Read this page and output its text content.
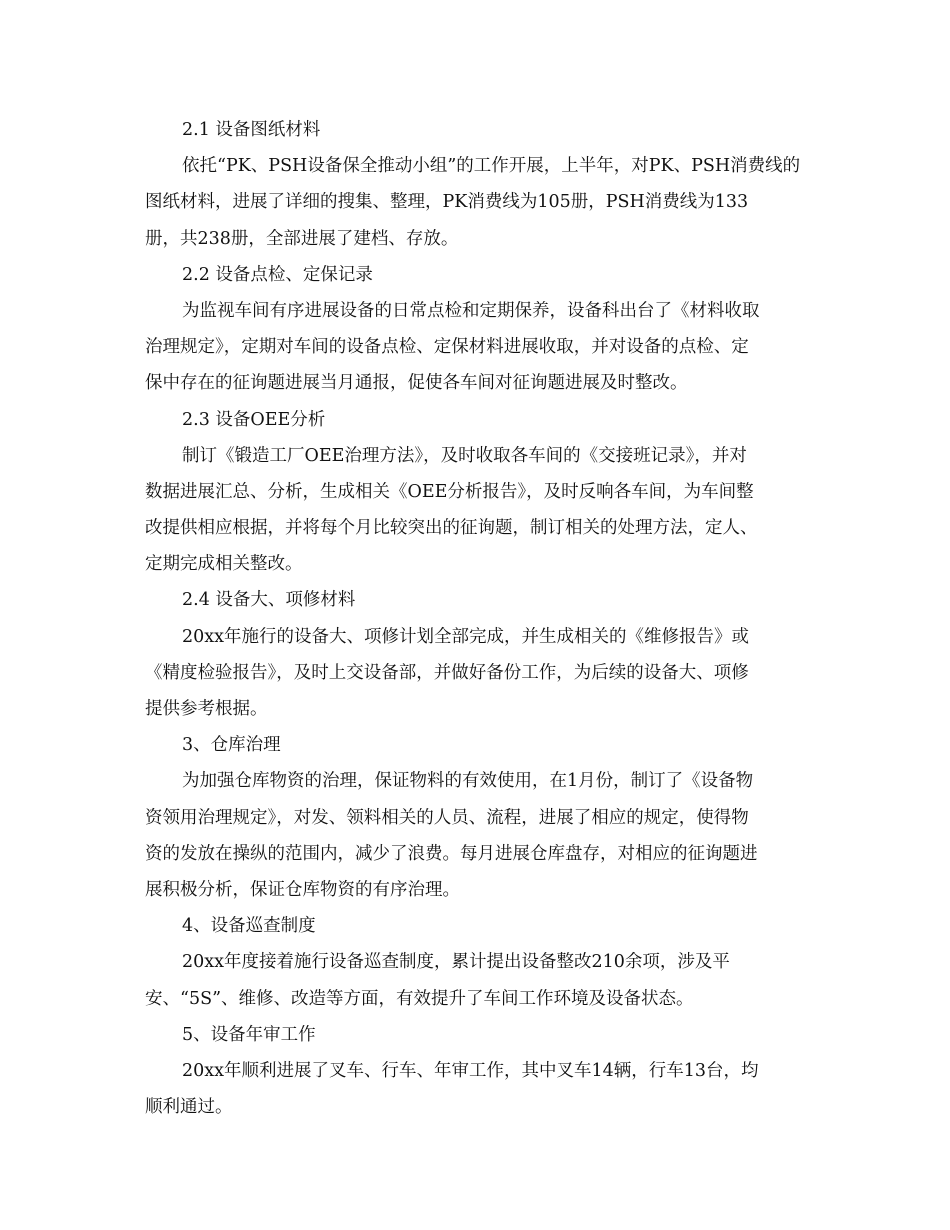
2.1 设备图纸材料
依托“PK、PSH设备保全推动小组”的工作开展，上半年，对PK、PSH消费线的
图纸材料，进展了详细的搜集、整理，PK消费线为105册，PSH消费线为133
册，共238册，全部进展了建档、存放。
2.2 设备点检、定保记录
为监视车间有序进展设备的日常点检和定期保养，设备科出台了《材料收取
治理规定》，定期对车间的设备点检、定保材料进展收取，并对设备的点检、定
保中存在的征询题进展当月通报，促使各车间对征询题进展及时整改。
2.3 设备OEE分析
制订《锻造工厂OEE治理方法》，及时收取各车间的《交接班记录》，并对
数据进展汇总、分析，生成相关《OEE分析报告》，及时反响各车间，为车间整
改提供相应根据，并将每个月比较突出的征询题，制订相关的处理方法，定人、
定期完成相关整改。
2.4 设备大、项修材料
20xx年施行的设备大、项修计划全部完成，并生成相关的《维修报告》或
《精度检验报告》，及时上交设备部，并做好备份工作，为后续的设备大、项修
提供参考根据。
3、仓库治理
为加强仓库物资的治理，保证物料的有效使用，在1月份，制订了《设备物
资领用治理规定》，对发、领料相关的人员、流程，进展了相应的规定，使得物
资的发放在操纵的范围内，减少了浪费。每月进展仓库盘存，对相应的征询题进
展积极分析，保证仓库物资的有序治理。
4、设备巡查制度
20xx年度接着施行设备巡查制度，累计提出设备整改210余项，涉及平
安、“5S”、维修、改造等方面，有效提升了车间工作环境及设备状态。
5、设备年审工作
20xx年顺利进展了叉车、行车、年审工作，其中叉车14辆，行车13台，均
顺利通过。
